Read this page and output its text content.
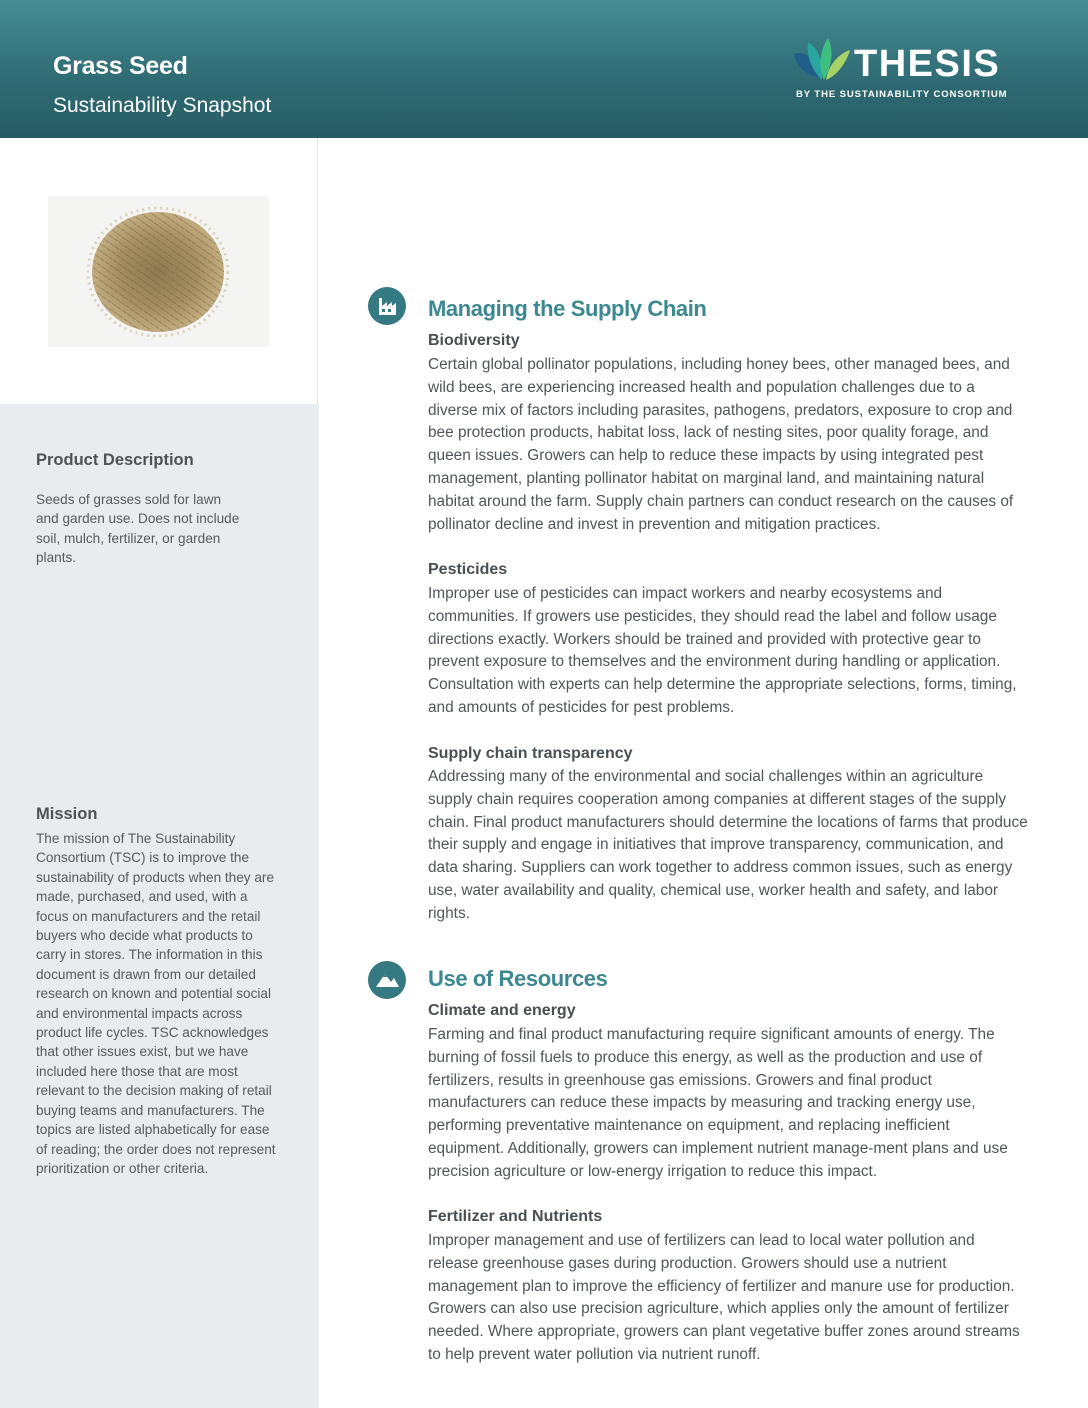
Grass Seed
Sustainability Snapshot
THESIS
BY THE SUSTAINABILITY CONSORTIUM
Product Description
Seeds of grasses sold for lawn and garden use. Does not include soil, mulch, fertilizer, or garden plants.
Mission
The mission of The Sustainability Consortium (TSC) is to improve the sustainability of products when they are made, purchased, and used, with a focus on manufacturers and the retail buyers who decide what products to carry in stores. The information in this document is drawn from our detailed research on known and potential social and environmental impacts across product life cycles. TSC acknowledges that other issues exist, but we have included here those that are most relevant to the decision making of retail buying teams and manufacturers. The topics are listed alphabetically for ease of reading; the order does not represent prioritization or other criteria.
Managing the Supply Chain
Biodiversity
Certain global pollinator populations, including honey bees, other managed bees, and wild bees, are experiencing increased health and population challenges due to a diverse mix of factors including parasites, pathogens, predators, exposure to crop and bee protection products, habitat loss, lack of nesting sites, poor quality forage, and queen issues. Growers can help to reduce these impacts by using integrated pest management, planting pollinator habitat on marginal land, and maintaining natural habitat around the farm. Supply chain partners can conduct research on the causes of pollinator decline and invest in prevention and mitigation practices.
Pesticides
Improper use of pesticides can impact workers and nearby ecosystems and communities. If growers use pesticides, they should read the label and follow usage directions exactly. Workers should be trained and provided with protective gear to prevent exposure to themselves and the environment during handling or application. Consultation with experts can help determine the appropriate selections, forms, timing, and amounts of pesticides for pest problems.
Supply chain transparency
Addressing many of the environmental and social challenges within an agriculture supply chain requires cooperation among companies at different stages of the supply chain. Final product manufacturers should determine the locations of farms that produce their supply and engage in initiatives that improve transparency, communication, and data sharing. Suppliers can work together to address common issues, such as energy use, water availability and quality, chemical use, worker health and safety, and labor rights.
Use of Resources
Climate and energy
Farming and final product manufacturing require significant amounts of energy. The burning of fossil fuels to produce this energy, as well as the production and use of fertilizers, results in greenhouse gas emissions. Growers and final product manufacturers can reduce these impacts by measuring and tracking energy use, performing preventative maintenance on equipment, and replacing inefficient equipment. Additionally, growers can implement nutrient manage-ment plans and use precision agriculture or low-energy irrigation to reduce this impact.
Fertilizer and Nutrients
Improper management and use of fertilizers can lead to local water pollution and release greenhouse gases during production. Growers should use a nutrient management plan to improve the efficiency of fertilizer and manure use for production. Growers can also use precision agriculture, which applies only the amount of fertilizer needed. Where appropriate, growers can plant vegetative buffer zones around streams to help prevent water pollution via nutrient runoff.
